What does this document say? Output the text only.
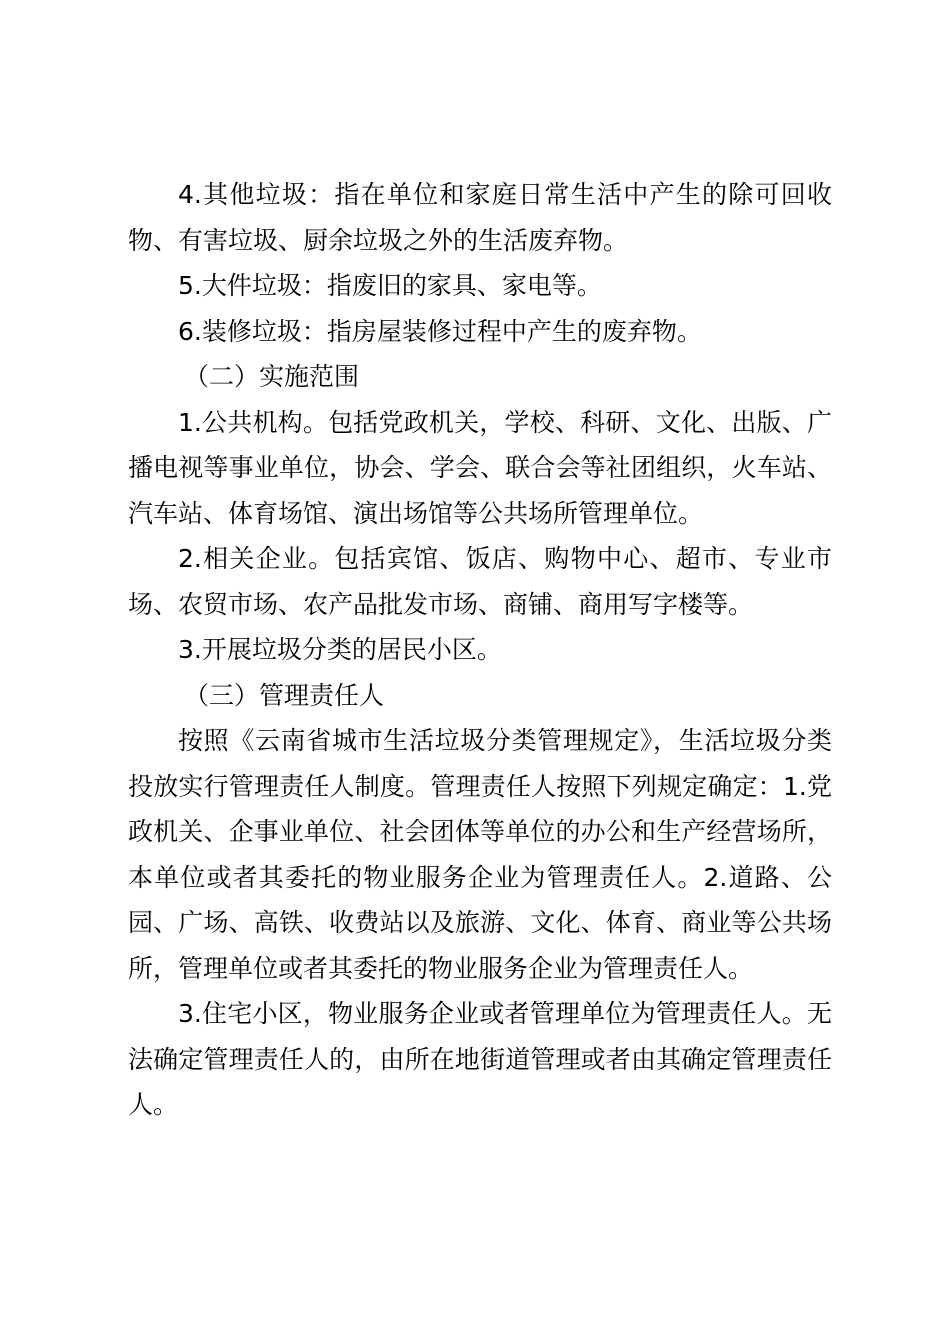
4.其他垃圾：指在单位和家庭日常生活中产生的除可回收物、有害垃圾、厨余垃圾之外的生活废弃物。

5.大件垃圾：指废旧的家具、家电等。

6.装修垃圾：指房屋装修过程中产生的废弃物。

（二）实施范围

1.公共机构。包括党政机关，学校、科研、文化、出版、广播电视等事业单位，协会、学会、联合会等社团组织，火车站、汽车站、体育场馆、演出场馆等公共场所管理单位。

2.相关企业。包括宾馆、饭店、购物中心、超市、专业市场、农贸市场、农产品批发市场、商铺、商用写字楼等。

3.开展垃圾分类的居民小区。

（三）管理责任人

按照《云南省城市生活垃圾分类管理规定》，生活垃圾分类投放实行管理责任人制度。管理责任人按照下列规定确定：1.党政机关、企事业单位、社会团体等单位的办公和生产经营场所，本单位或者其委托的物业服务企业为管理责任人。2.道路、公园、广场、高铁、收费站以及旅游、文化、体育、商业等公共场所，管理单位或者其委托的物业服务企业为管理责任人。

3.住宅小区，物业服务企业或者管理单位为管理责任人。无法确定管理责任人的，由所在地街道管理或者由其确定管理责任人。
